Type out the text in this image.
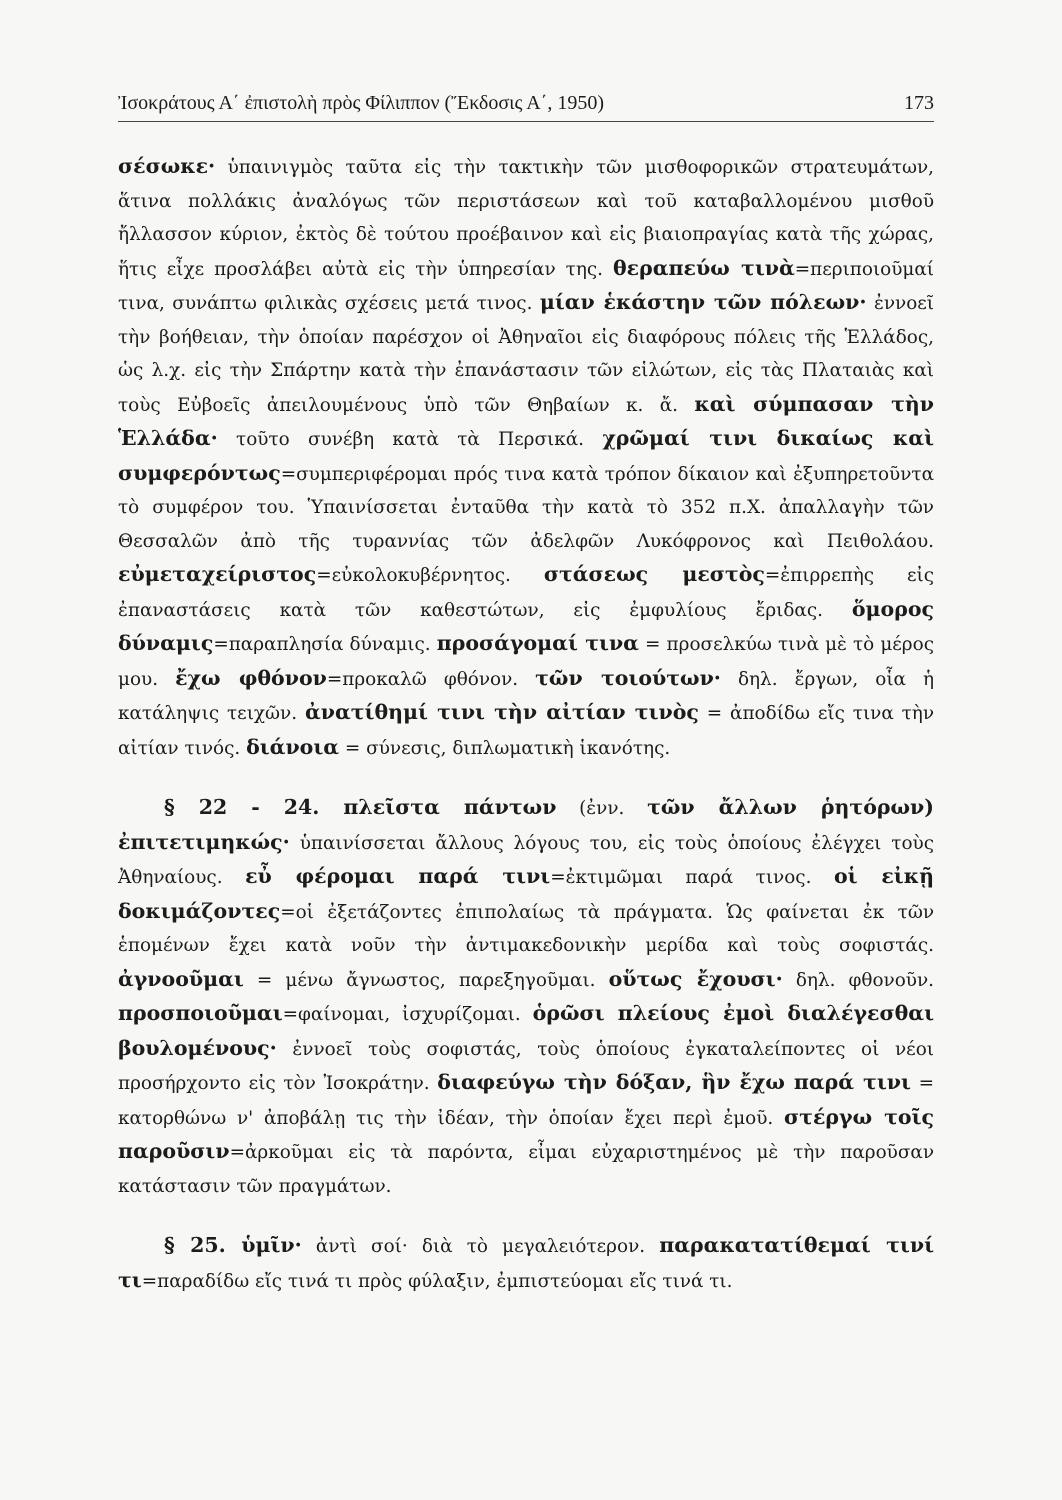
Ἰσοκράτους Α΄ ἐπιστολὴ πρὸς Φίλιππον (Ἔκδοσις Α΄, 1950)	173

σέσωκε· ὑπαινιγμὸς ταῦτα εἰς τὴν τακτικὴν τῶν μισθοφορικῶν στρατευμάτων, ἅτινα πολλάκις ἀναλόγως τῶν περιστάσεων καὶ τοῦ καταβαλλομένου μισθοῦ ἤλλασσον κύριον, ἐκτὸς δὲ τούτου προέβαινον καὶ εἰς βιαιοπραγίας κατὰ τῆς χώρας, ἥτις εἶχε προσλάβει αὐτὰ εἰς τὴν ὑπηρεσίαν της. θεραπεύω τινὰ=περιποιοῦμαί τινα, συνάπτω φιλικὰς σχέσεις μετά τινος. μίαν ἑκάστην τῶν πόλεων· ἐννοεῖ τὴν βοήθειαν, τὴν ὁποίαν παρέσχον οἱ Ἀθηναῖοι εἰς διαφόρους πόλεις τῆς Ἑλλάδος, ὡς λ.χ. εἰς τὴν Σπάρτην κατὰ τὴν ἐπανάστασιν τῶν εἱλώτων, εἰς τὰς Πλαταιὰς καὶ τοὺς Εὐβοεῖς ἀπειλουμένους ὑπὸ τῶν Θηβαίων κ. ἄ. καὶ σύμπασαν τὴν Ἑλλάδα· τοῦτο συνέβη κατὰ τὰ Περσικά. χρῶμαί τινι δικαίως καὶ συμφερόντως=συμπεριφέρομαι πρός τινα κατὰ τρόπον δίκαιον καὶ ἐξυπηρετοῦντα τὸ συμφέρον του. Ὑπαινίσσεται ἐνταῦθα τὴν κατὰ τὸ 352 π.Χ. ἀπαλλαγὴν τῶν Θεσσαλῶν ἀπὸ τῆς τυραννίας τῶν ἀδελφῶν Λυκόφρονος καὶ Πειθολάου. εὐμεταχείριστος=εὐκολοκυβέρνητος. στάσεως μεστὸς=ἐπιρρεπὴς εἰς ἐπαναστάσεις κατὰ τῶν καθεστώτων, εἰς ἐμφυλίους ἔριδας. ὅμορος δύναμις=παραπλησία δύναμις. προσάγομαί τινα = προσελκύω τινὰ μὲ τὸ μέρος μου. ἔχω φθόνον=προκαλῶ φθόνον. τῶν τοιούτων· δηλ. ἔργων, οἷα ἡ κατάληψις τειχῶν. ἀνατίθημί τινι τὴν αἰτίαν τινὸς = ἀποδίδω εἴς τινα τὴν αἰτίαν τινός. διάνοια = σύνεσις, διπλωματικὴ ἱκανότης.

§ 22 - 24. πλεῖστα πάντων (ἐνν. τῶν ἄλλων ῥητόρων) ἐπιτετιμηκώς· ὑπαινίσσεται ἄλλους λόγους του, εἰς τοὺς ὁποίους ἐλέγχει τοὺς Ἀθηναίους. εὖ φέρομαι παρά τινι=ἐκτιμῶμαι παρά τινος. οἱ εἰκῇ δοκιμάζοντες=οἱ ἐξετάζοντες ἐπιπολαίως τὰ πράγματα. Ὡς φαίνεται ἐκ τῶν ἑπομένων ἔχει κατὰ νοῦν τὴν ἀντιμακεδονικὴν μερίδα καὶ τοὺς σοφιστάς. ἀγνοοῦμαι = μένω ἄγνωστος, παρεξηγοῦμαι. οὕτως ἔχουσι· δηλ. φθονοῦν. προσποιοῦμαι=φαίνομαι, ἰσχυρίζομαι. ὁρῶσι πλείους ἐμοὶ διαλέγεσθαι βουλομένους· ἐννοεῖ τοὺς σοφιστάς, τοὺς ὁποίους ἐγκαταλείποντες οἱ νέοι προσήρχοντο εἰς τὸν Ἰσοκράτην. διαφεύγω τὴν δόξαν, ἣν ἔχω παρά τινι = κατορθώνω ν' ἀποβάλῃ τις τὴν ἰδέαν, τὴν ὁποίαν ἔχει περὶ ἐμοῦ. στέργω τοῖς παροῦσιν=ἀρκοῦμαι εἰς τὰ παρόντα, εἶμαι εὐχαριστημένος μὲ τὴν παροῦσαν κατάστασιν τῶν πραγμάτων.

§ 25. ὑμῖν· ἀντὶ σοί· διὰ τὸ μεγαλειότερον. παρακατατίθεμαί τινί τι=παραδίδω εἴς τινά τι πρὸς φύλαξιν, ἐμπιστεύομαι εἴς τινά τι.
